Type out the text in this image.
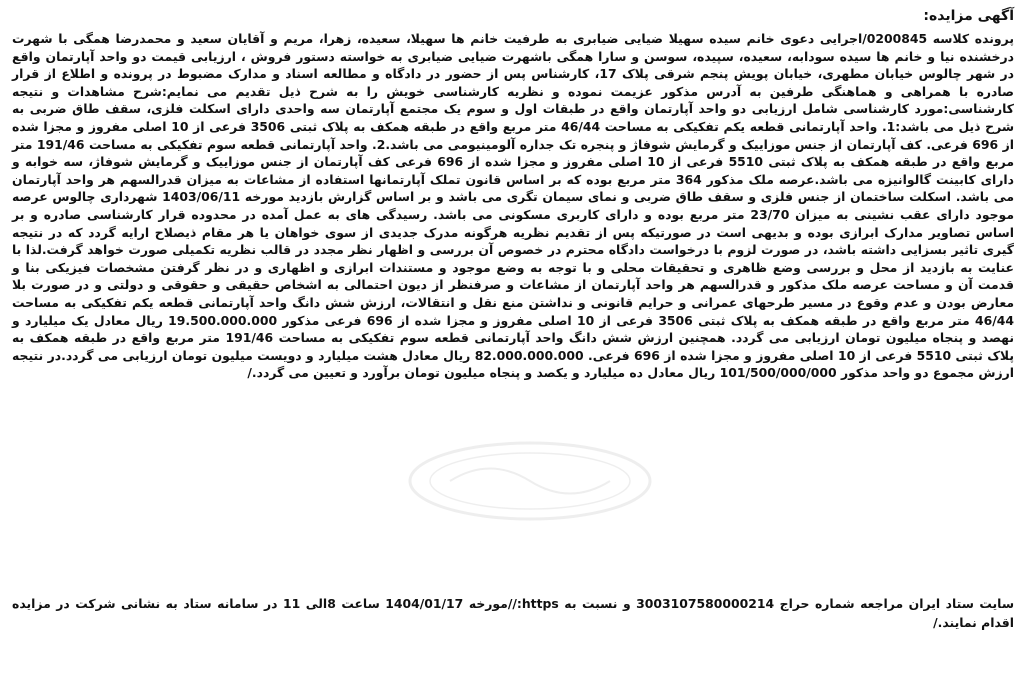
آگهی مزایده:

پرونده کلاسه 0200845/اجرایی دعوی خانم سیده سهیلا ضیایی ضیابری به طرفیت خانم ها سهیلا، سعیده، زهرا، مریم و آقایان سعید و محمدرضا همگی با شهرت درخشنده نیا و خانم ها سیده سودابه، سعیده، سپیده، سوسن و سارا همگی باشهرت ضیایی ضیابری به خواسته دستور فروش ، ارزیابی قیمت دو واحد آپارتمان واقع در شهر چالوس خیابان مطهری، خیابان پویش پنجم شرقی پلاک 17، کارشناس پس از حضور در دادگاه و مطالعه اسناد و مدارک مضبوط در پرونده و اطلاع از قرار صادره با همراهی و هماهنگی طرفین به آدرس مذکور عزیمت نموده و نظریه کارشناسی خویش را به شرح ذیل تقدیم می نمایم:شرح مشاهدات و نتیجه کارشناسی:مورد کارشناسی شامل ارزیابی دو واحد آپارتمان واقع در طبقات اول و سوم یک مجتمع آپارتمان سه واحدی دارای اسکلت فلزی، سقف طاق ضربی به شرح ذیل می باشد:1. واحد آپارتمانی قطعه یکم تفکیکی به مساحت 46/44 متر مربع واقع در طبقه همکف به پلاک ثبتی 3506 فرعی از 10 اصلی مفروز و مجزا شده از 696 فرعی. کف آپارتمان از جنس موزاییک و گرمایش شوفاژ و پنجره تک جداره آلومینیومی می باشد.2. واحد آپارتمانی قطعه سوم تفکیکی به مساحت 191/46 متر مربع واقع در طبقه همکف به پلاک ثبتی 5510 فرعی از 10 اصلی مفروز و مجزا شده از 696 فرعی کف آپارتمان از جنس موزاییک و گرمایش شوفاژ، سه خوابه و دارای کابینت گالوانیزه می باشد.عرصه ملک مذکور 364 متر مربع بوده که بر اساس قانون تملک آپارتمانها استفاده از مشاعات به میزان قدرالسهم هر واحد آپارتمان می باشد. اسکلت ساختمان از جنس فلزی و سقف طاق ضربی و نمای سیمان تگری می باشد و بر اساس گزارش بازدید مورخه 1403/06/11 شهرداری چالوس عرصه موجود دارای عقب نشینی به میزان 23/70 متر مربع بوده و دارای کاربری مسکونی می باشد. رسیدگی های به عمل آمده در محدوده قرار کارشناسی صادره و بر اساس تصاویر مدارک ابرازی بوده و بدیهی است در صورتیکه پس از تقدیم نظریه هرگونه مدرک جدیدی از سوی خواهان یا هر مقام ذیصلاح ارایه گردد که در نتیجه گیری تاثیر بسزایی داشته باشد، در صورت لزوم با درخواست دادگاه محترم در خصوص آن بررسی و اظهار نظر مجدد در قالب نظریه تکمیلی صورت خواهد گرفت.لذا با عنایت به بازدید از محل و بررسی وضع ظاهری و تحقیقات محلی و با توجه به وضع موجود و مستندات ابرازی و اظهاری و در نظر گرفتن مشخصات فیزیکی بنا و قدمت آن و مساحت عرصه ملک مذکور و قدرالسهم هر واحد آپارتمان از مشاعات و صرفنظر از دیون احتمالی به اشخاص حقیقی و حقوقی و دولتی و در صورت بلا معارض بودن و عدم وقوع در مسیر طرحهای عمرانی و حرایم قانونی و نداشتن منع نقل و انتقالات، ارزش شش دانگ واحد آپارتمانی قطعه یکم تفکیکی به مساحت 46/44 متر مربع واقع در طبقه همکف به پلاک ثبتی 3506 فرعی از 10 اصلی مفروز و مجزا شده از 696 فرعی مذکور 19.500.000.000 ریال معادل یک میلیارد و نهصد و پنجاه میلیون تومان ارزیابی می گردد. همچنین ارزش شش دانگ واحد آپارتمانی قطعه سوم تفکیکی به مساحت 191/46 متر مربع واقع در طبقه همکف به پلاک ثبتی 5510 فرعی از 10 اصلی مفروز و مجزا شده از 696 فرعی. 82.000.000.000 ریال معادل هشت میلیارد و دویست میلیون تومان ارزیابی می گردد.در نتیجه ارزش مجموع دو واحد مذکور 101/500/000/000 ریال معادل ده میلیارد و یکصد و پنجاه میلیون تومان برآورد و تعیین می گردد./

سایت ستاد ایران مراجعه شماره حراج 3003107580000214 و نسبت به https://مورخه 1404/01/17 ساعت 8الی 11 در سامانه ستاد به نشانی شرکت در مزایده اقدام نمایند./
